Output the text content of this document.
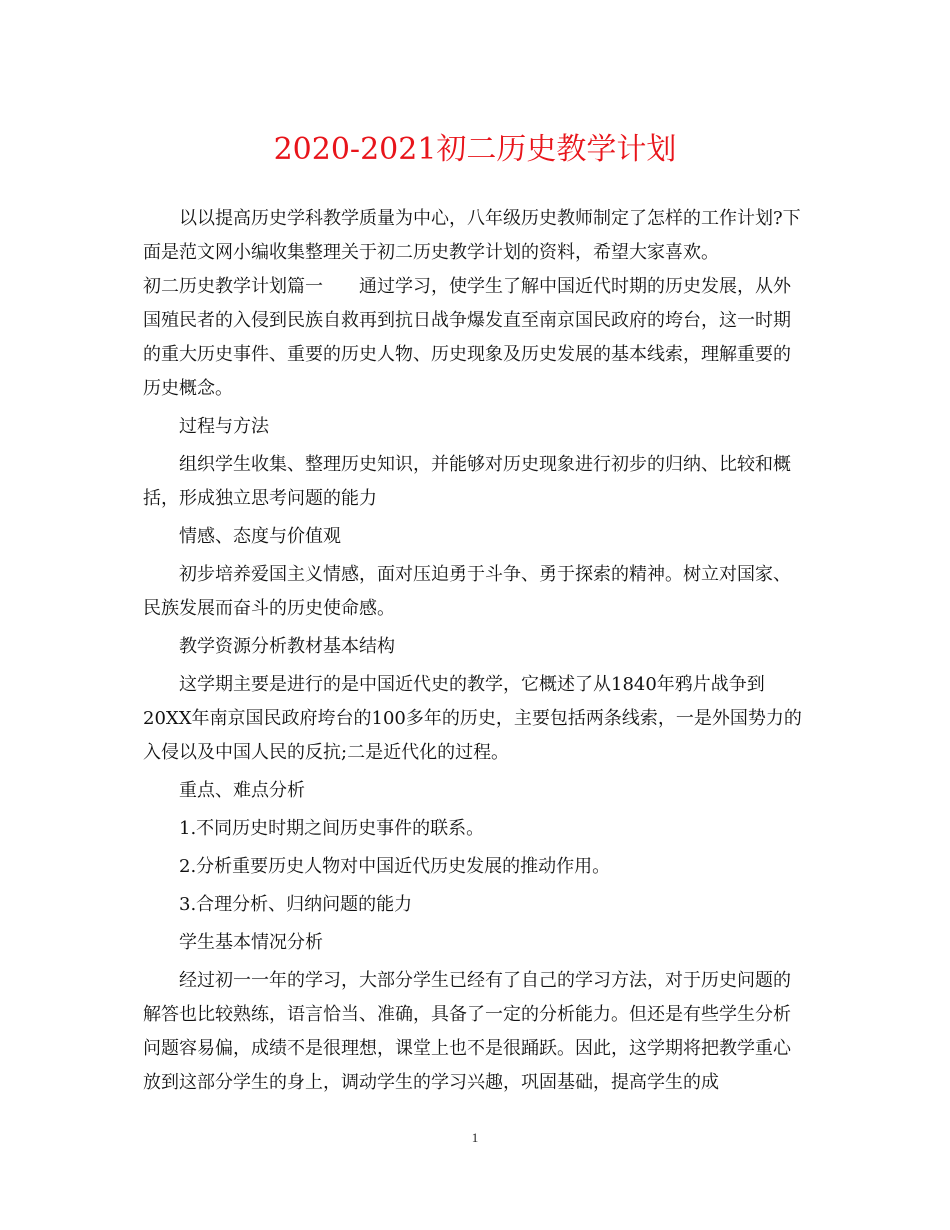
2020-2021初二历史教学计划

以以提高历史学科教学质量为中心，八年级历史教师制定了怎样的工作计划?下面是范文网小编收集整理关于初二历史教学计划的资料，希望大家喜欢。

初二历史教学计划篇一　　通过学习，使学生了解中国近代时期的历史发展，从外国殖民者的入侵到民族自救再到抗日战争爆发直至南京国民政府的垮台，这一时期的重大历史事件、重要的历史人物、历史现象及历史发展的基本线索，理解重要的历史概念。

过程与方法

组织学生收集、整理历史知识，并能够对历史现象进行初步的归纳、比较和概括，形成独立思考问题的能力

情感、态度与价值观

初步培养爱国主义情感，面对压迫勇于斗争、勇于探索的精神。树立对国家、民族发展而奋斗的历史使命感。

教学资源分析教材基本结构

这学期主要是进行的是中国近代史的教学，它概述了从1840年鸦片战争到20XX年南京国民政府垮台的100多年的历史，主要包括两条线索，一是外国势力的入侵以及中国人民的反抗;二是近代化的过程。

重点、难点分析

1.不同历史时期之间历史事件的联系。

2.分析重要历史人物对中国近代历史发展的推动作用。

3.合理分析、归纳问题的能力

学生基本情况分析

经过初一一年的学习，大部分学生已经有了自己的学习方法，对于历史问题的解答也比较熟练，语言恰当、准确，具备了一定的分析能力。但还是有些学生分析问题容易偏，成绩不是很理想，课堂上也不是很踊跃。因此，这学期将把教学重心放到这部分学生的身上，调动学生的学习兴趣，巩固基础，提高学生的成

1
